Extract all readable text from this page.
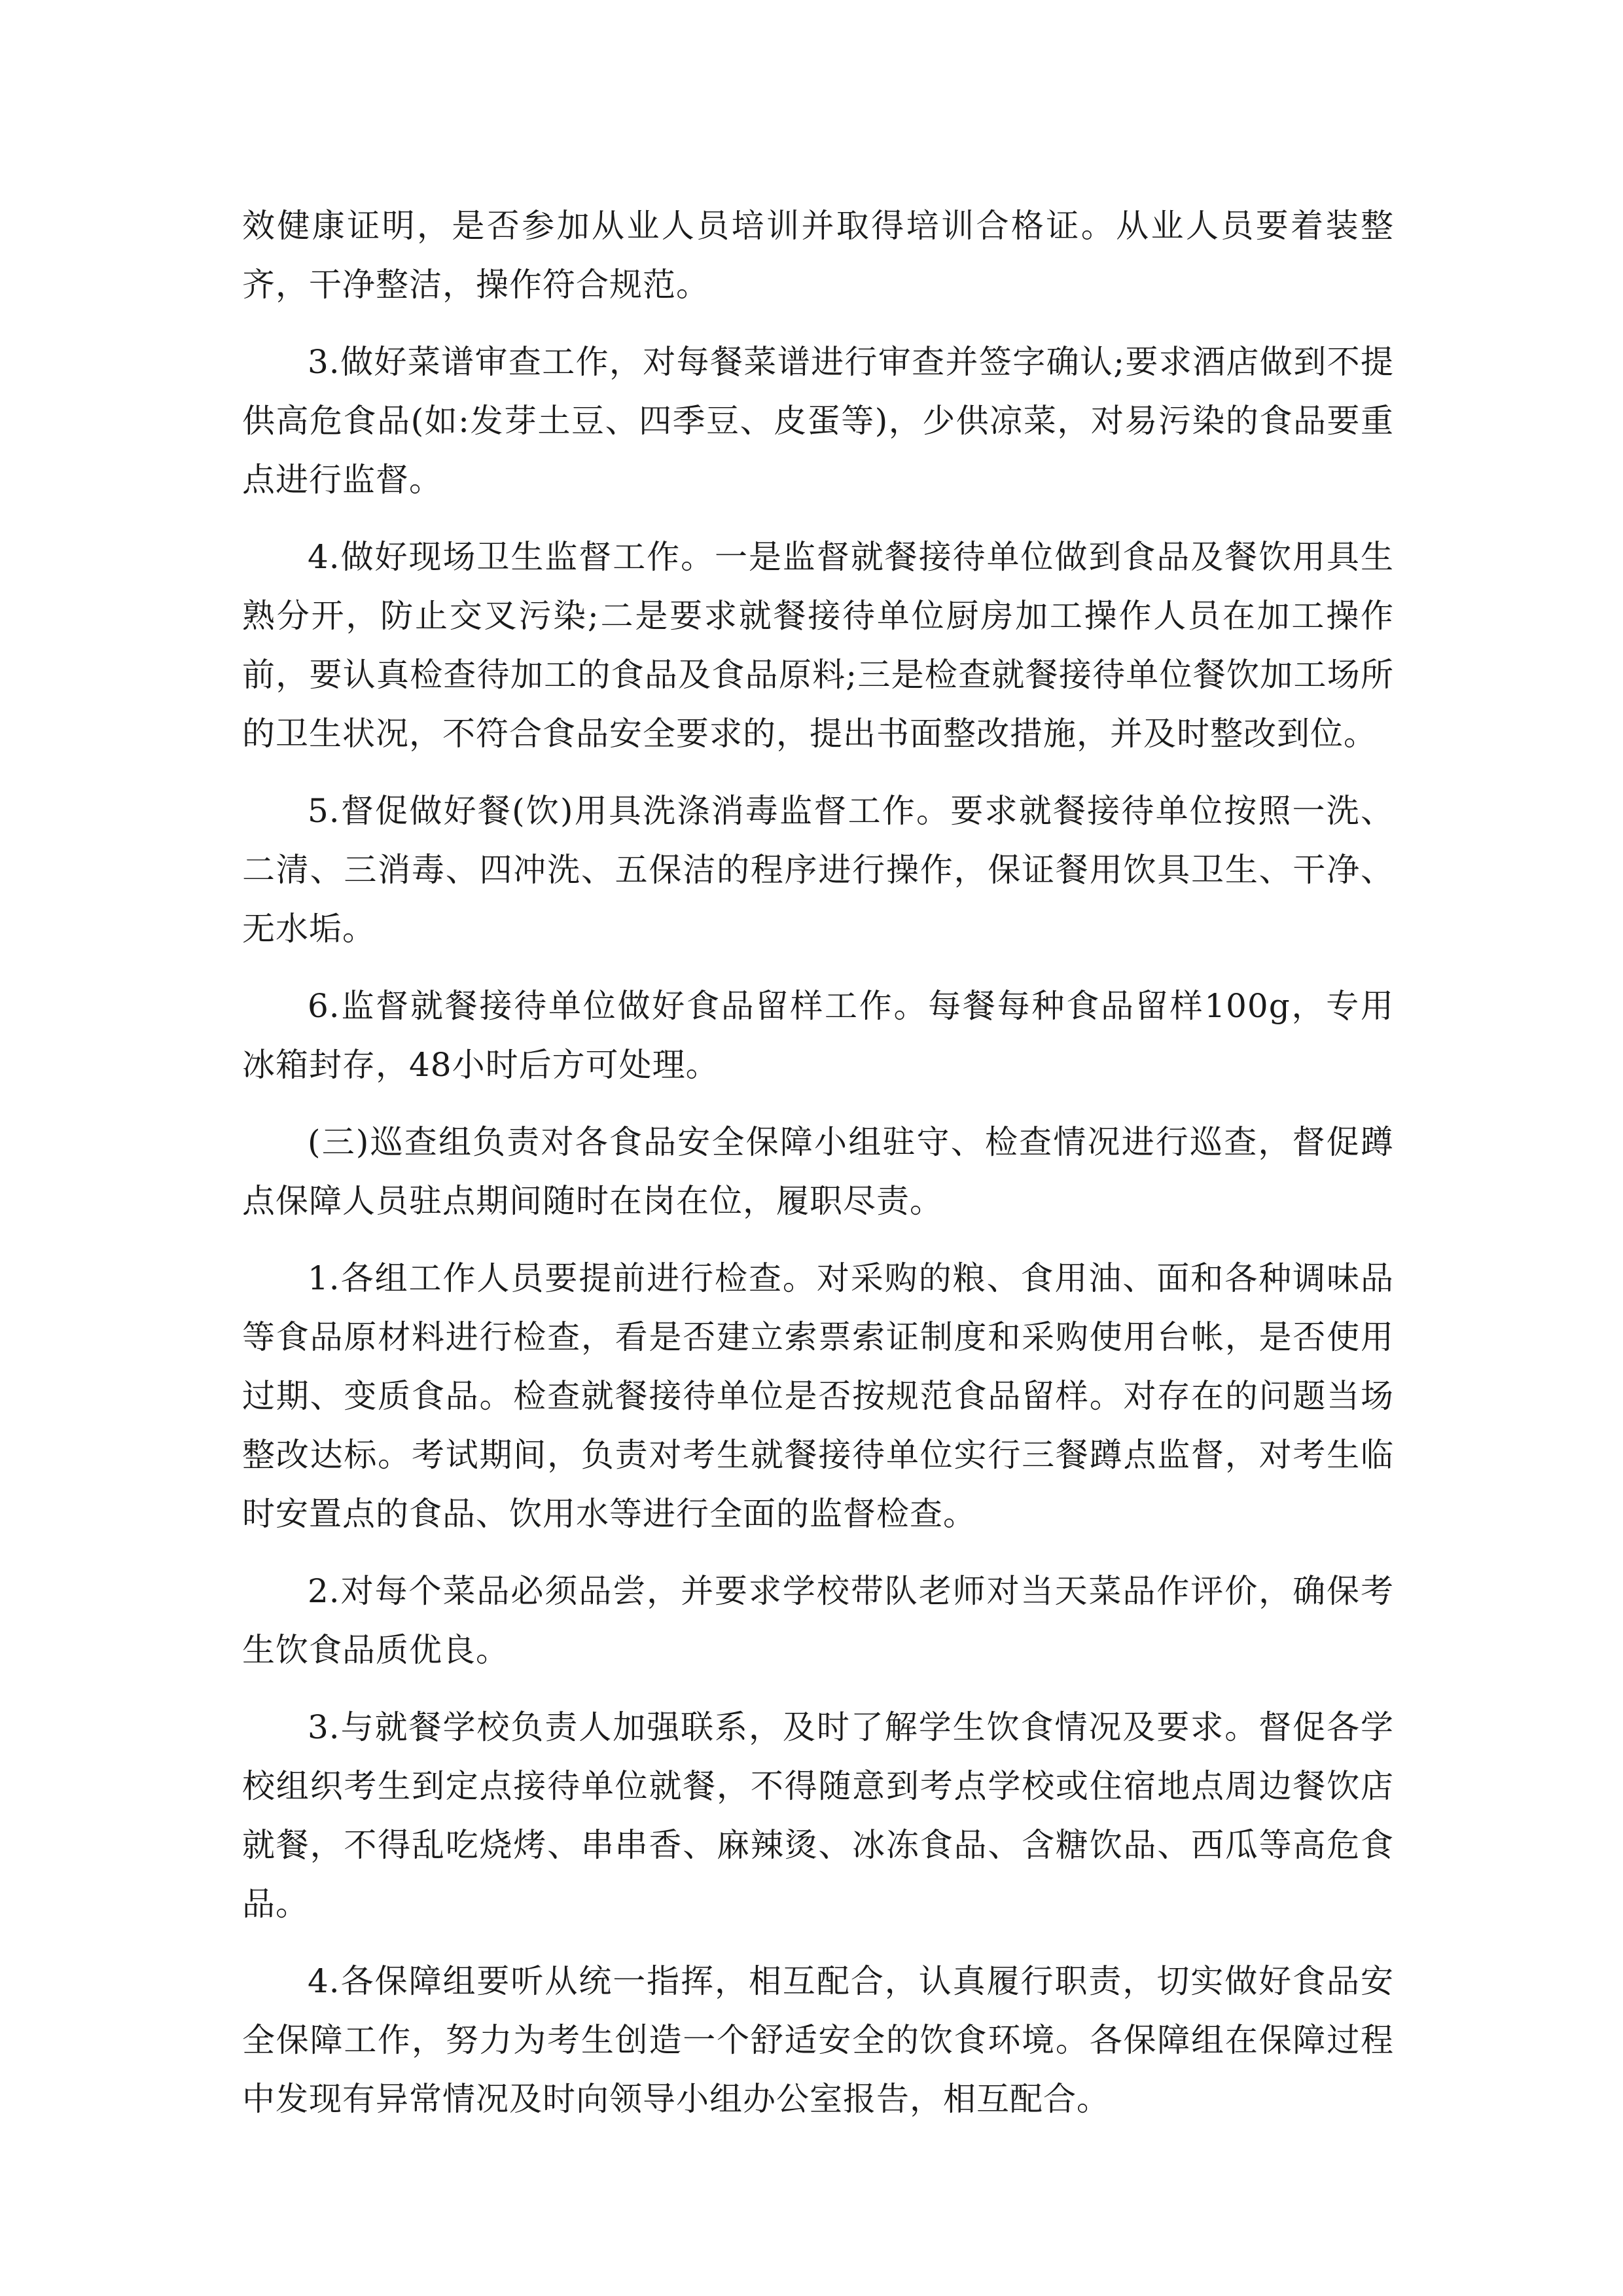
效健康证明，是否参加从业人员培训并取得培训合格证。从业人员要着装整齐，干净整洁，操作符合规范。

3.做好菜谱审查工作，对每餐菜谱进行审查并签字确认;要求酒店做到不提供高危食品(如:发芽土豆、四季豆、皮蛋等)，少供凉菜，对易污染的食品要重点进行监督。

4.做好现场卫生监督工作。一是监督就餐接待单位做到食品及餐饮用具生熟分开，防止交叉污染;二是要求就餐接待单位厨房加工操作人员在加工操作前，要认真检查待加工的食品及食品原料;三是检查就餐接待单位餐饮加工场所的卫生状况，不符合食品安全要求的，提出书面整改措施，并及时整改到位。

5.督促做好餐(饮)用具洗涤消毒监督工作。要求就餐接待单位按照一洗、二清、三消毒、四冲洗、五保洁的程序进行操作，保证餐用饮具卫生、干净、无水垢。

6.监督就餐接待单位做好食品留样工作。每餐每种食品留样100g，专用冰箱封存，48小时后方可处理。

(三)巡查组负责对各食品安全保障小组驻守、检查情况进行巡查，督促蹲点保障人员驻点期间随时在岗在位，履职尽责。

1.各组工作人员要提前进行检查。对采购的粮、食用油、面和各种调味品等食品原材料进行检查，看是否建立索票索证制度和采购使用台帐，是否使用过期、变质食品。检查就餐接待单位是否按规范食品留样。对存在的问题当场整改达标。考试期间，负责对考生就餐接待单位实行三餐蹲点监督，对考生临时安置点的食品、饮用水等进行全面的监督检查。

2.对每个菜品必须品尝，并要求学校带队老师对当天菜品作评价，确保考生饮食品质优良。

3.与就餐学校负责人加强联系，及时了解学生饮食情况及要求。督促各学校组织考生到定点接待单位就餐，不得随意到考点学校或住宿地点周边餐饮店就餐，不得乱吃烧烤、串串香、麻辣烫、冰冻食品、含糖饮品、西瓜等高危食品。

4.各保障组要听从统一指挥，相互配合，认真履行职责，切实做好食品安全保障工作，努力为考生创造一个舒适安全的饮食环境。各保障组在保障过程中发现有异常情况及时向领导小组办公室报告，相互配合。
